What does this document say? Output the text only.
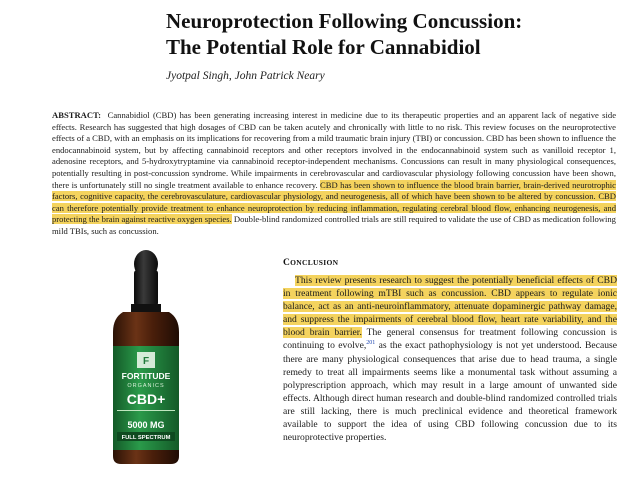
Neuroprotection Following Concussion:
The Potential Role for Cannabidiol
Jyotpal Singh, John Patrick Neary

ABSTRACT: Cannabidiol (CBD) has been generating increasing interest in medicine due to its therapeutic properties and an apparent lack of negative side effects. Research has suggested that high dosages of CBD can be taken acutely and chronically with little to no risk. This review focuses on the neuroprotective effects of a CBD, with an emphasis on its implications for recovering from a mild traumatic brain injury (TBI) or concussion. CBD has been shown to influence the endocannabinoid system, but by affecting cannabinoid receptors and other receptors involved in the endocannabinoid system such as vanilloid receptor 1, adenosine receptors, and 5-hydroxytryptamine via cannabinoid receptor-independent mechanisms. Concussions can result in many physiological consequences, potentially resulting in post-concussion syndrome. While impairments in cerebrovascular and cardiovascular physiology following concussion have been shown, there is unfortunately still no single treatment available to enhance recovery. CBD has been shown to influence the blood brain barrier, brain-derived neurotrophic factors, cognitive capacity, the cerebrovasculature, cardiovascular physiology, and neurogenesis, all of which have been shown to be altered by concussion. CBD can therefore potentially provide treatment to enhance neuroprotection by reducing inflammation, regulating cerebral blood flow, enhancing neurogenesis, and protecting the brain against reactive oxygen species. Double-blind randomized controlled trials are still required to validate the use of CBD as medication following mild TBIs, such as concussion.

F
FORTITUDE
ORGANICS
CBD+
5000 MG
FULL SPECTRUM
CONCLUSION

This review presents research to suggest the potentially beneficial effects of CBD in treatment following mTBI such as concussion. CBD appears to regulate ionic balance, act as an anti-neuroinflammatory, attenuate dopaminergic pathway damage, and suppress the impairments of cerebral blood flow, heart rate variability, and the blood brain barrier. The general consensus for treatment following concussion is continuing to evolve,$^{201}$ as the exact pathophysiology is not yet understood. Because there are many physiological consequences that arise due to head trauma, a single remedy to treat all impairments seems like a monumental task without assuming a polyprescription approach, which may result in a large amount of unwanted side effects. Although direct human research and double-blind randomized controlled trials are still lacking, there is much preclinical evidence and theoretical framework available to support the idea of using CBD following concussion due to its neuroprotective properties.
